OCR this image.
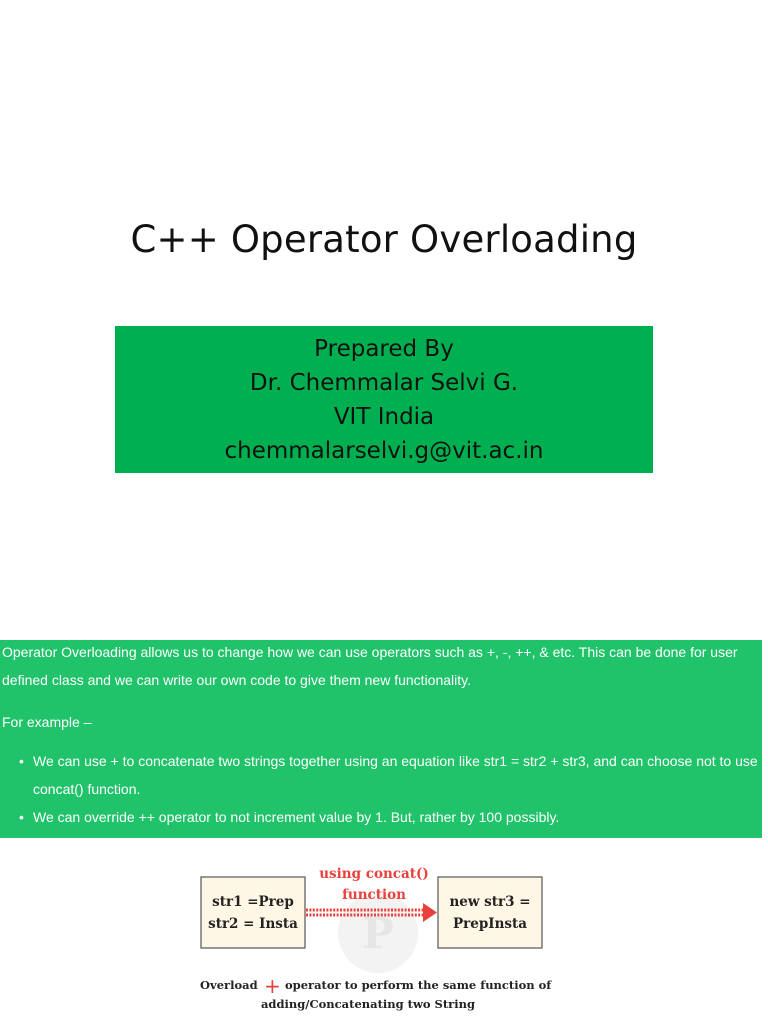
C++ Operator Overloading
Prepared By
Dr. Chemmalar Selvi G.
VIT India
chemmalarselvi.g@vit.ac.in

Operator Overloading allows us to change how we can use operators such as +, -, ++, & etc. This can be done for user

defined class and we can write our own code to give them new functionality.

For example –

• We can use + to concatenate two strings together using an equation like str1 = str2 + str3, and can choose not to use concat() function.
• We can override ++ operator to not increment value by 1. But, rather by 100 possibly.
P
str1 =Prep
str2 = Insta
using concat()
function	new str3 =
PrepInsta
Overload + operator to perform the same function of
adding/Concatenating two String
